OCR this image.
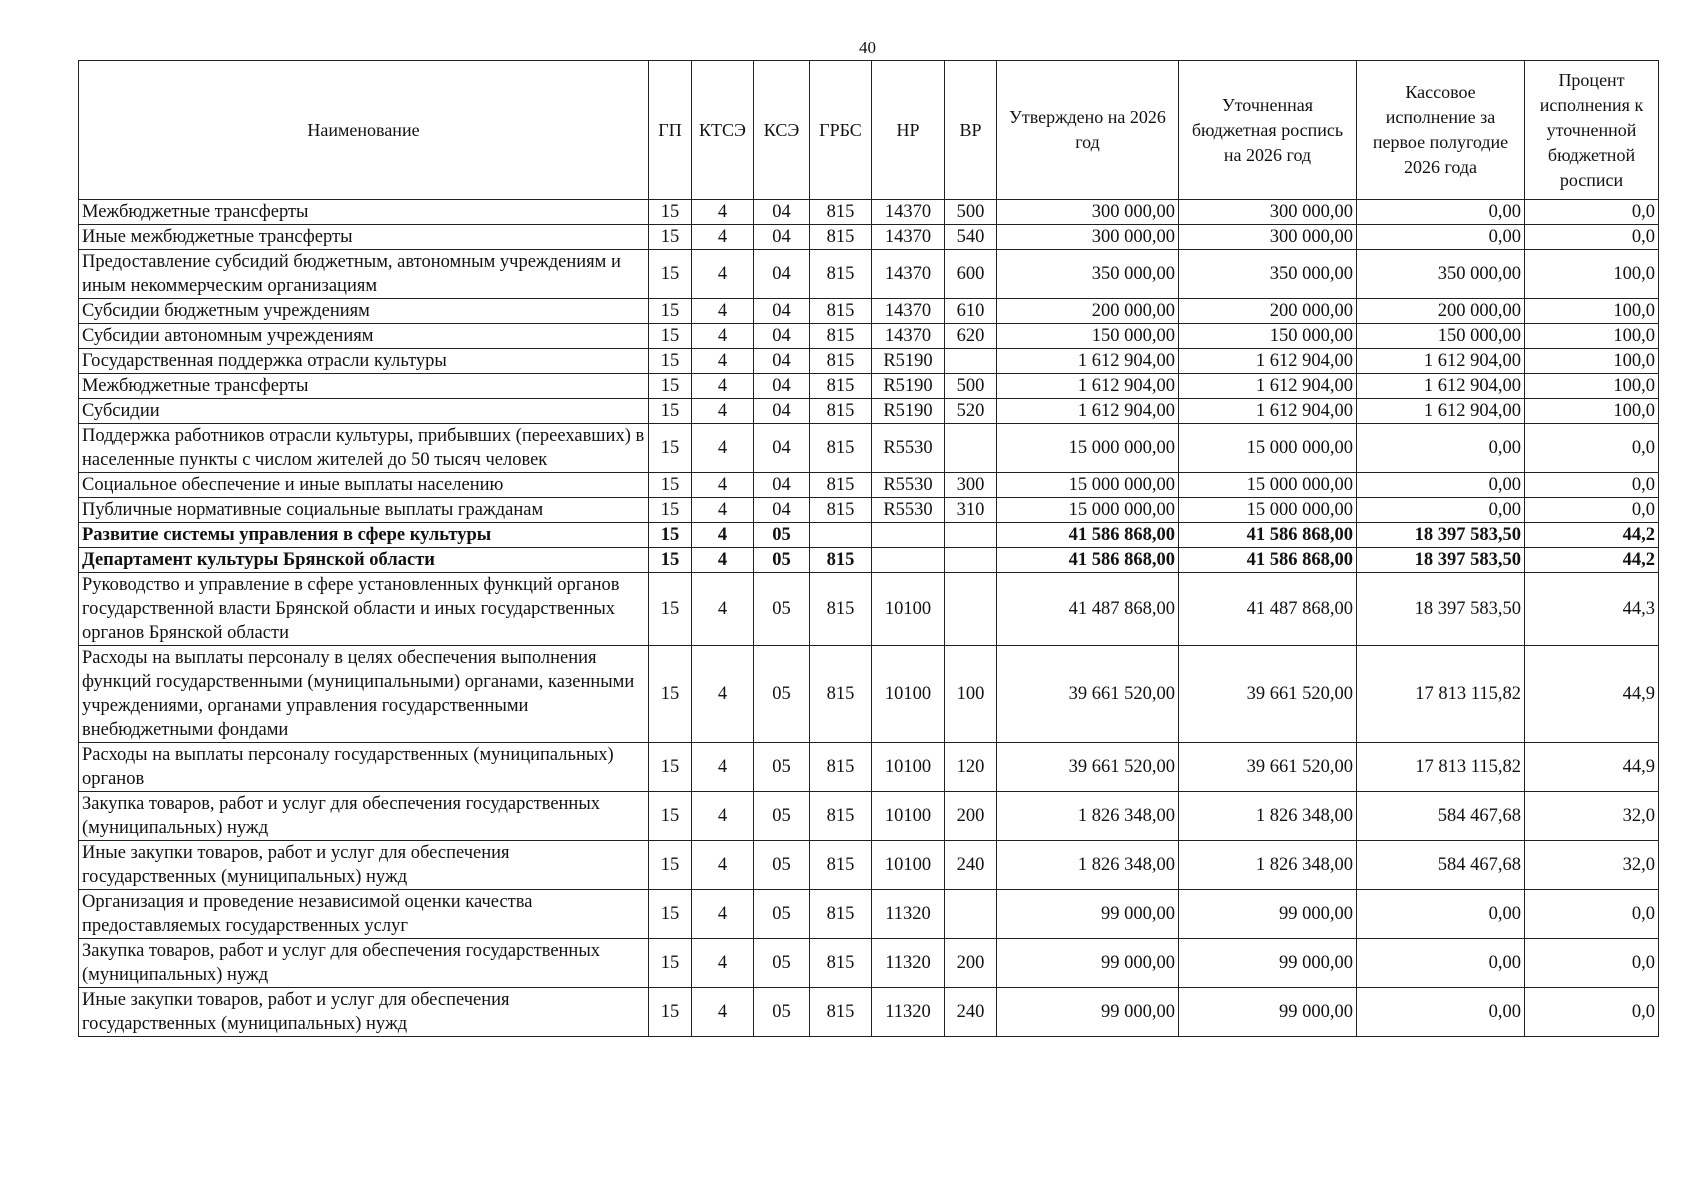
40
Наименование	ГП	КТСЭ	КСЭ	ГРБС	НР	ВР	Утверждено на 2026 год	Уточненная бюджетная роспись на 2026 год	Кассовое исполнение за первое полугодие 2026 года	Процент исполнения к уточненной бюджетной росписи
Межбюджетные трансферты	15	4	04	815	14370	500	300 000,00	300 000,00	0,00	0,0
Иные межбюджетные трансферты	15	4	04	815	14370	540	300 000,00	300 000,00	0,00	0,0
Предоставление субсидий бюджетным, автономным учреждениям и иным некоммерческим организациям	15	4	04	815	14370	600	350 000,00	350 000,00	350 000,00	100,0
Субсидии бюджетным учреждениям	15	4	04	815	14370	610	200 000,00	200 000,00	200 000,00	100,0
Субсидии автономным учреждениям	15	4	04	815	14370	620	150 000,00	150 000,00	150 000,00	100,0
Государственная поддержка отрасли культуры	15	4	04	815	R5190		1 612 904,00	1 612 904,00	1 612 904,00	100,0
Межбюджетные трансферты	15	4	04	815	R5190	500	1 612 904,00	1 612 904,00	1 612 904,00	100,0
Субсидии	15	4	04	815	R5190	520	1 612 904,00	1 612 904,00	1 612 904,00	100,0
Поддержка работников отрасли культуры, прибывших (переехавших) в населенные пункты с числом жителей до 50 тысяч человек	15	4	04	815	R5530		15 000 000,00	15 000 000,00	0,00	0,0
Социальное обеспечение и иные выплаты населению	15	4	04	815	R5530	300	15 000 000,00	15 000 000,00	0,00	0,0
Публичные нормативные социальные выплаты гражданам	15	4	04	815	R5530	310	15 000 000,00	15 000 000,00	0,00	0,0
Развитие системы управления в сфере культуры	15	4	05				41 586 868,00	41 586 868,00	18 397 583,50	44,2
Департамент культуры Брянской области	15	4	05	815			41 586 868,00	41 586 868,00	18 397 583,50	44,2
Руководство и управление в сфере установленных функций органов государственной власти Брянской области и иных государственных органов Брянской области	15	4	05	815	10100		41 487 868,00	41 487 868,00	18 397 583,50	44,3
Расходы на выплаты персоналу в целях обеспечения выполнения функций государственными (муниципальными) органами, казенными учреждениями, органами управления государственными внебюджетными фондами	15	4	05	815	10100	100	39 661 520,00	39 661 520,00	17 813 115,82	44,9
Расходы на выплаты персоналу государственных (муниципальных) органов	15	4	05	815	10100	120	39 661 520,00	39 661 520,00	17 813 115,82	44,9
Закупка товаров, работ и услуг для обеспечения государственных (муниципальных) нужд	15	4	05	815	10100	200	1 826 348,00	1 826 348,00	584 467,68	32,0
Иные закупки товаров, работ и услуг для обеспечения государственных (муниципальных) нужд	15	4	05	815	10100	240	1 826 348,00	1 826 348,00	584 467,68	32,0
Организация и проведение независимой оценки качества предоставляемых государственных услуг	15	4	05	815	11320		99 000,00	99 000,00	0,00	0,0
Закупка товаров, работ и услуг для обеспечения государственных (муниципальных) нужд	15	4	05	815	11320	200	99 000,00	99 000,00	0,00	0,0
Иные закупки товаров, работ и услуг для обеспечения государственных (муниципальных) нужд	15	4	05	815	11320	240	99 000,00	99 000,00	0,00	0,0
